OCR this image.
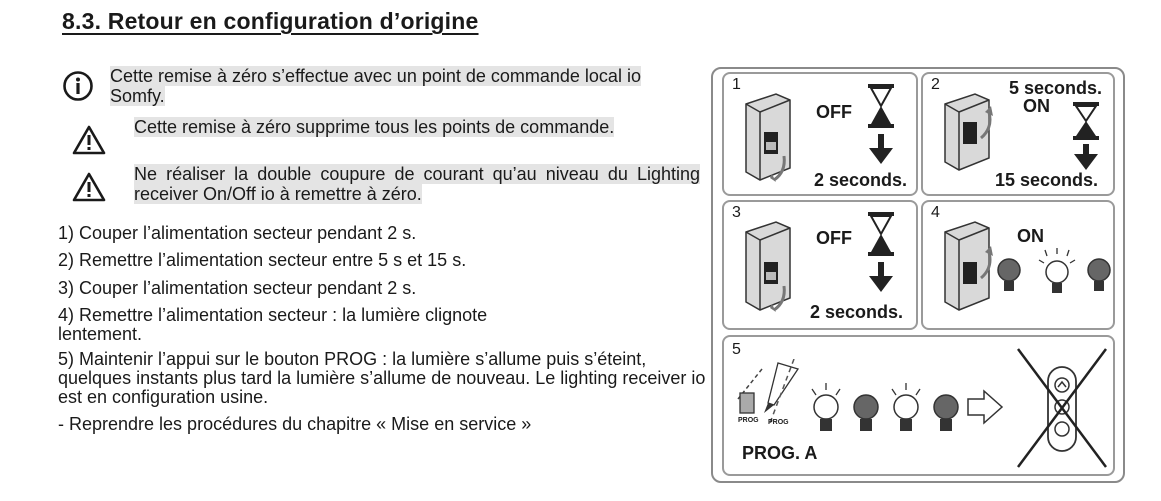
8.3. Retour en configuration d’origine
Cette remise à zéro s’effectue avec un point de commande local io Somfy.
Cette remise à zéro supprime tous les points de commande.
Ne réaliser la double coupure de courant qu’au niveau du Lighting receiver On/Off io à remettre à zéro.
1) Couper l’alimentation secteur pendant 2 s.
2) Remettre l’alimentation secteur entre 5 s et 15 s.
3) Couper l’alimentation secteur pendant 2 s.
4) Remettre l’alimentation secteur : la lumière clignote lentement.
5) Maintenir l’appui sur le bouton PROG : la lumière s’allume puis s’éteint, quelques instants plus tard la lumière s’allume de nouveau. Le lighting receiver io est en configuration usine.
- Reprendre les procédures du chapitre « Mise en service »
1
OFF
2 seconds.
2	5 seconds.
ON
15 seconds.
3
OFF
2 seconds.
4
ON
5
PROG PROG
PROG. A
